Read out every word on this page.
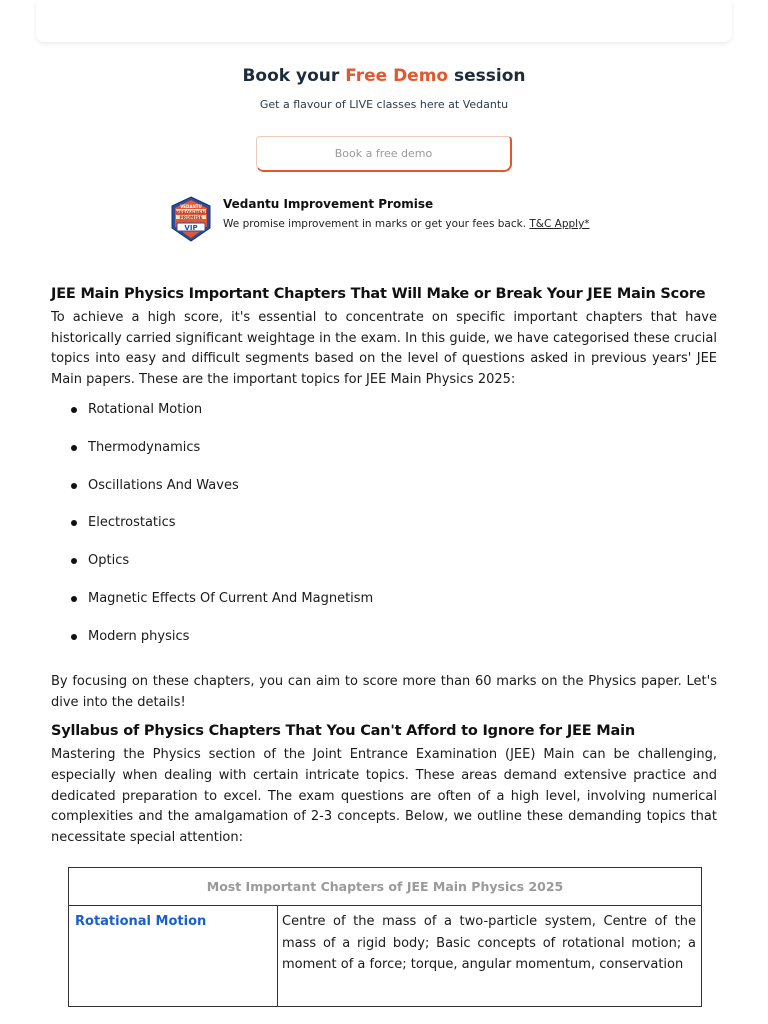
Book your Free Demo session
Get a flavour of LIVE classes here at Vedantu
Book a free demo
VEDANTU
IMPROVEMENT
PROMISE
VIP
Vedantu Improvement Promise
We promise improvement in marks or get your fees back. T&C Apply*
JEE Main Physics Important Chapters That Will Make or Break Your JEE Main Score

To achieve a high score, it's essential to concentrate on specific important chapters that have historically carried significant weightage in the exam. In this guide, we have categorised these crucial topics into easy and difficult segments based on the level of questions asked in previous years' JEE Main papers. These are the important topics for JEE Main Physics 2025:

Rotational Motion
Thermodynamics
Oscillations And Waves
Electrostatics
Optics
Magnetic Effects Of Current And Magnetism
Modern physics

By focusing on these chapters, you can aim to score more than 60 marks on the Physics paper. Let's dive into the details!

Syllabus of Physics Chapters That You Can't Afford to Ignore for JEE Main

Mastering the Physics section of the Joint Entrance Examination (JEE) Main can be challenging, especially when dealing with certain intricate topics. These areas demand extensive practice and dedicated preparation to excel. The exam questions are often of a high level, involving numerical complexities and the amalgamation of 2-3 concepts. Below, we outline these demanding topics that necessitate special attention:

Most Important Chapters of JEE Main Physics 2025
Rotational Motion	Centre of the mass of a two-particle system, Centre of the mass of a rigid body; Basic concepts of rotational motion; a moment of a force; torque, angular momentum, conservation
